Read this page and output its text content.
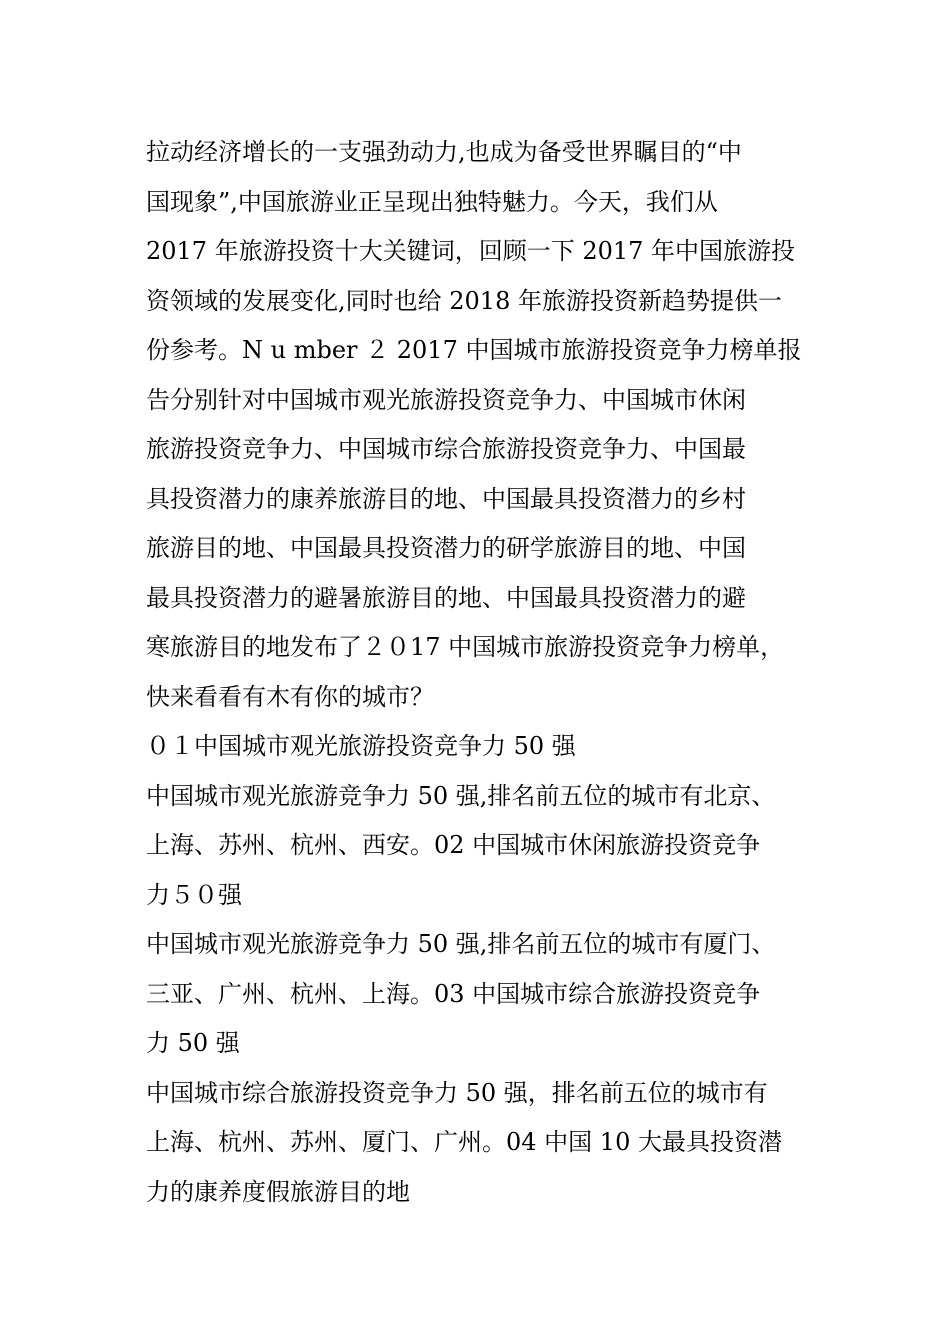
拉动经济增长的一支强劲动力,也成为备受世界瞩目的“中
国现象”,中国旅游业正呈现出独特魅力。今天，我们从
2017 年旅游投资十大关键词，回顾一下 2017 年中国旅游投
资领域的发展变化,同时也给 2018 年旅游投资新趋势提供一
份参考。N u mber ２ 2017 中国城市旅游投资竞争力榜单报
告分别针对中国城市观光旅游投资竞争力、中国城市休闲
旅游投资竞争力、中国城市综合旅游投资竞争力、中国最
具投资潜力的康养旅游目的地、中国最具投资潜力的乡村
旅游目的地、中国最具投资潜力的研学旅游目的地、中国
最具投资潜力的避暑旅游目的地、中国最具投资潜力的避
寒旅游目的地发布了２０17 中国城市旅游投资竞争力榜单，
快来看看有木有你的城市？
０１中国城市观光旅游投资竞争力 50 强
中国城市观光旅游竞争力 50 强,排名前五位的城市有北京、
上海、苏州、杭州、西安。02 中国城市休闲旅游投资竞争
力５０强
中国城市观光旅游竞争力 50 强,排名前五位的城市有厦门、
三亚、广州、杭州、上海。03 中国城市综合旅游投资竞争
力 50 强
中国城市综合旅游投资竞争力 50 强，排名前五位的城市有
上海、杭州、苏州、厦门、广州。04 中国 10 大最具投资潜
力的康养度假旅游目的地
